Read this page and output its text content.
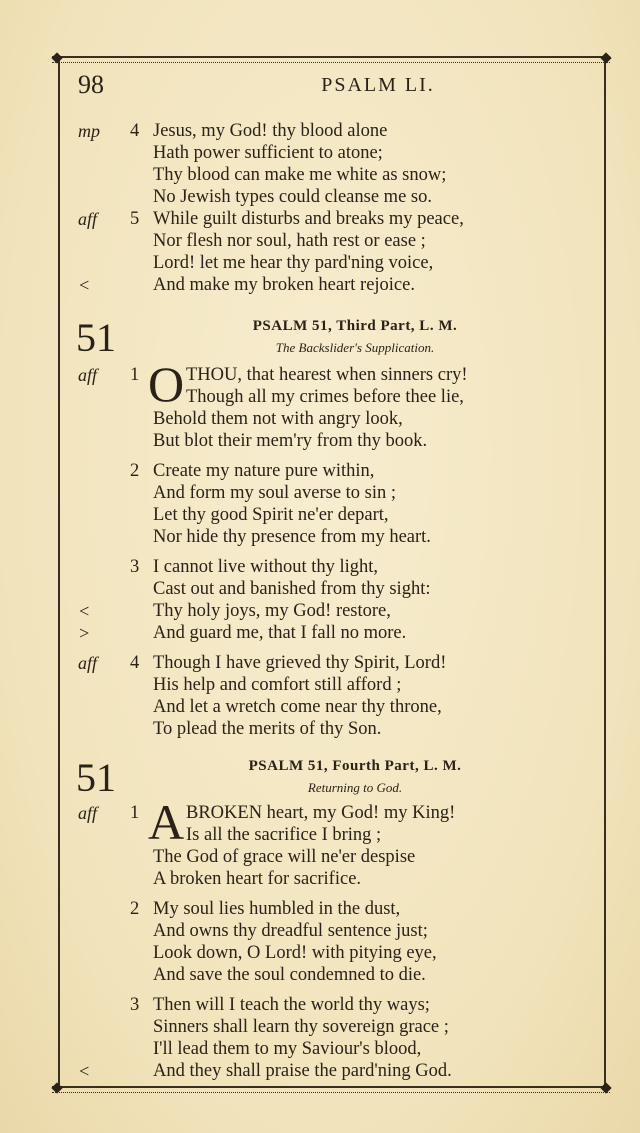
98	PSALM LI.
mp 4 Jesus, my God! thy blood alone
Hath power sufficient to atone;
Thy blood can make me white as snow;
No Jewish types could cleanse me so.
aff 5 While guilt disturbs and breaks my peace,
Nor flesh nor soul, hath rest or ease ;
Lord! let me hear thy pard'ning voice,
<	And make my broken heart rejoice.
51	PSALM 51, Third Part, L. M.
The Backslider's Supplication.
O
aff 1	THOU, that hearest when sinners cry!
Though all my crimes before thee lie,
Behold them not with angry look,
But blot their mem'ry from thy book.
2 Create my nature pure within,
And form my soul averse to sin ;
Let thy good Spirit ne'er depart,
Nor hide thy presence from my heart.
3 I cannot live without thy light,
Cast out and banished from thy sight:
<	Thy holy joys, my God! restore,
>	And guard me, that I fall no more.
aff 4 Though I have grieved thy Spirit, Lord!
His help and comfort still afford ;
And let a wretch come near thy throne,
To plead the merits of thy Son.
51	PSALM 51, Fourth Part, L. M.
Returning to God.
A
aff 1	BROKEN heart, my God! my King!
Is all the sacrifice I bring ;
The God of grace will ne'er despise
A broken heart for sacrifice.
2 My soul lies humbled in the dust,
And owns thy dreadful sentence just;
Look down, O Lord! with pitying eye,
And save the soul condemned to die.
3 Then will I teach the world thy ways;
Sinners shall learn thy sovereign grace ;
I'll lead them to my Saviour's blood,
<	And they shall praise the pard'ning God.
